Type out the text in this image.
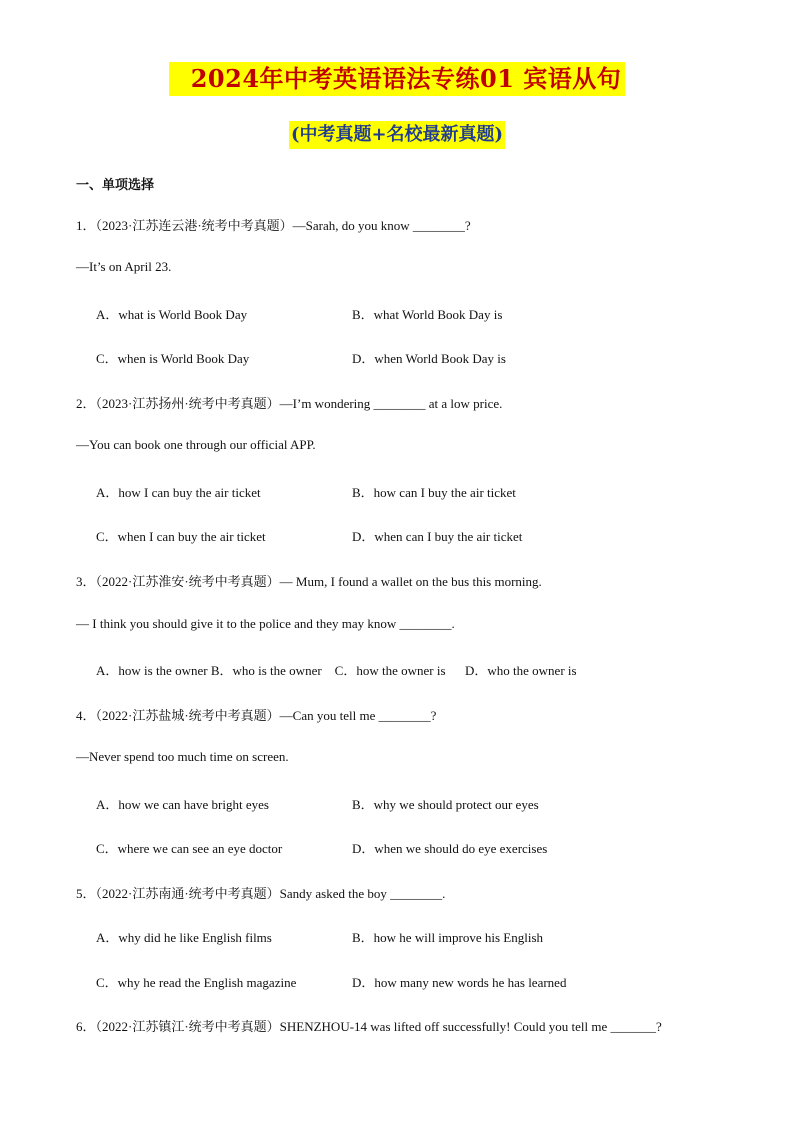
2024年中考英语语法专练01 宾语从句
(中考真题+名校最新真题)
一、单项选择
1．（2023·江苏连云港·统考中考真题）—Sarah, do you know ________?
—It’s on April 23.
A．what is World Book Day	B．what World Book Day is
C．when is World Book Day	D．when World Book Day is
2．（2023·江苏扬州·统考中考真题）—I’m wondering ________ at a low price.
—You can book one through our official APP.
A．how I can buy the air ticket	B．how can I buy the air ticket
C．when I can buy the air ticket	D．when can I buy the air ticket
3．（2022·江苏淮安·统考中考真题）— Mum, I found a wallet on the bus this morning.
— I think you should give it to the police and they may know ________.
A．how is the owner B．who is the owner    C．how the owner is      D．who the owner is
4．（2022·江苏盐城·统考中考真题）—Can you tell me ________?
—Never spend too much time on screen.
A．how we can have bright eyes	B．why we should protect our eyes
C．where we can see an eye doctor	D．when we should do eye exercises
5．（2022·江苏南通·统考中考真题）Sandy asked the boy ________.
A．why did he like English films	B．how he will improve his English
C．why he read the English magazine	D．how many new words he has learned
6．（2022·江苏镇江·统考中考真题）SHENZHOU-14 was lifted off successfully! Could you tell me _______?
